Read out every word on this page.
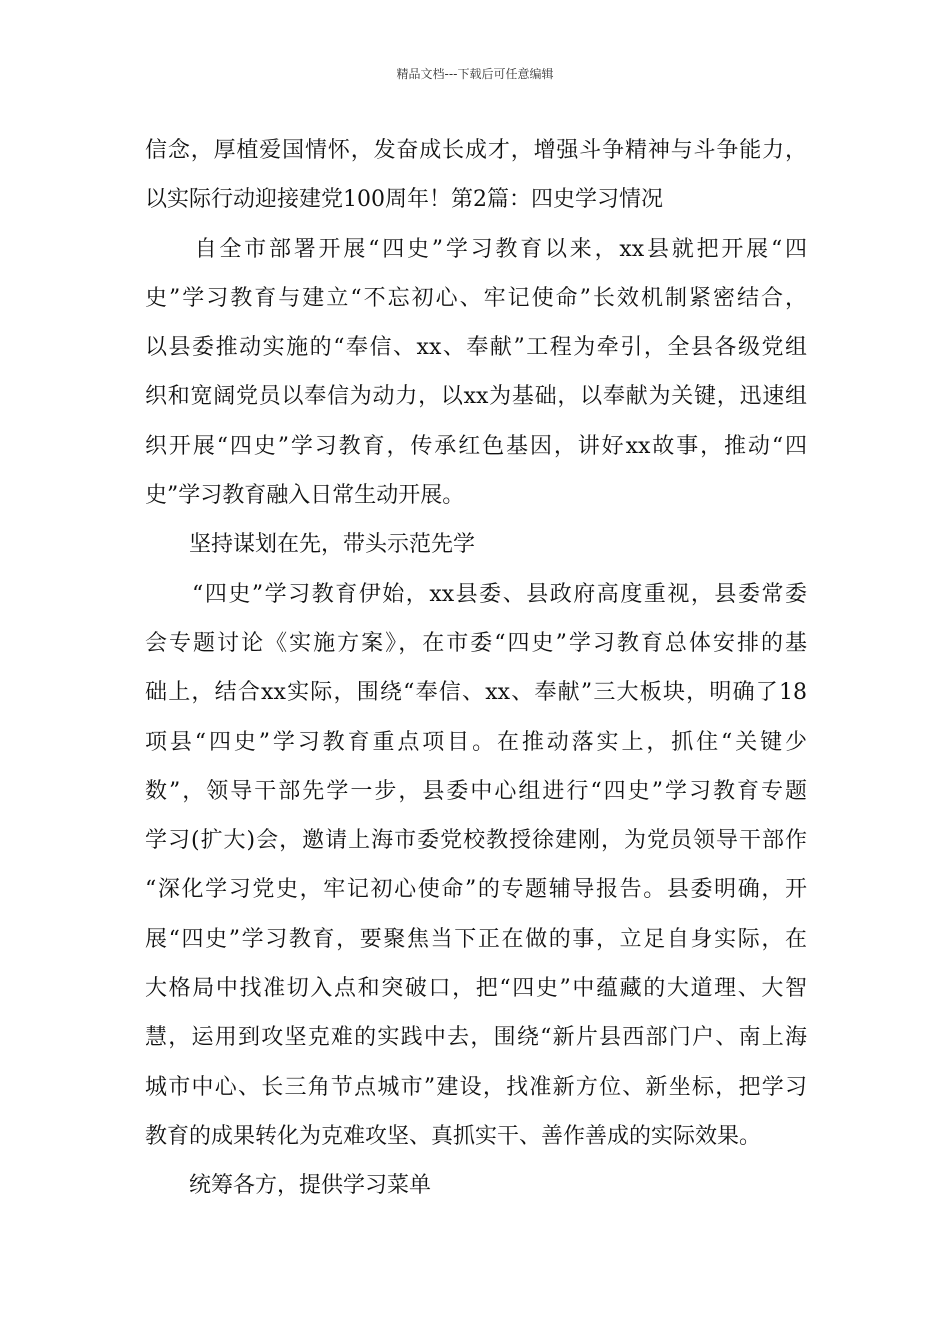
精品文档---下载后可任意编辑
信念，厚植爱国情怀，发奋成长成才，增强斗争精神与斗争能力，
以实际行动迎接建党100周年！第2篇：四史学习情况
　　自全市部署开展“四史”学习教育以来，xx县就把开展“四
史”学习教育与建立“不忘初心、牢记使命”长效机制紧密结合，
以县委推动实施的“奉信、xx、奉献”工程为牵引，全县各级党组
织和宽阔党员以奉信为动力，以xx为基础，以奉献为关键，迅速组
织开展“四史”学习教育，传承红色基因，讲好xx故事，推动“四
史”学习教育融入日常生动开展。
　　坚持谋划在先，带头示范先学
　　“四史”学习教育伊始，xx县委、县政府高度重视，县委常委
会专题讨论《实施方案》，在市委“四史”学习教育总体安排的基
础上，结合xx实际，围绕“奉信、xx、奉献”三大板块，明确了18
项县“四史”学习教育重点项目。在推动落实上，抓住“关键少
数”，领导干部先学一步，县委中心组进行“四史”学习教育专题
学习(扩大)会，邀请上海市委党校教授徐建刚，为党员领导干部作
“深化学习党史，牢记初心使命”的专题辅导报告。县委明确，开
展“四史”学习教育，要聚焦当下正在做的事，立足自身实际，在
大格局中找准切入点和突破口，把“四史”中蕴藏的大道理、大智
慧，运用到攻坚克难的实践中去，围绕“新片县西部门户、南上海
城市中心、长三角节点城市”建设，找准新方位、新坐标，把学习
教育的成果转化为克难攻坚、真抓实干、善作善成的实际效果。
　　统筹各方，提供学习菜单
